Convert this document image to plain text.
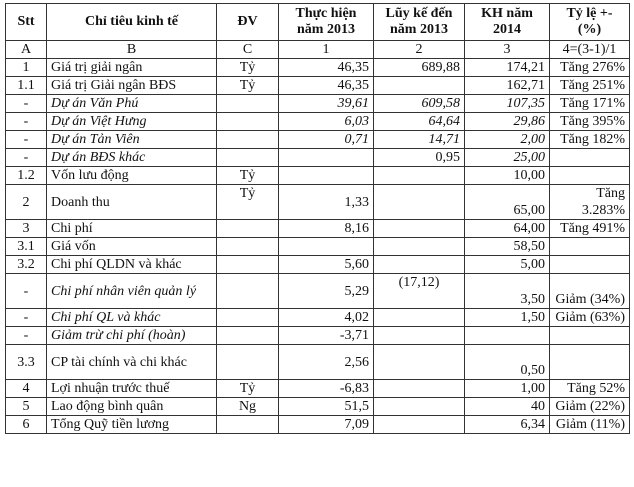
Stt	Chỉ tiêu kinh tế	ĐV	Thực hiện năm 2013	Lũy kế đến năm 2013	KH năm 2014	Tỷ lệ +- (%)
A	B	C	1	2	3	4=(3-1)/1
1	Giá trị giải ngân	Tỷ	46,35	689,88	174,21	Tăng 276%
1.1	Giá trị Giải ngân BĐS	Tỷ	46,35		162,71	Tăng 251%
-	Dự án Văn Phú		39,61	609,58	107,35	Tăng 171%
-	Dự án Việt Hưng		6,03	64,64	29,86	Tăng 395%
-	Dự án Tản Viên		0,71	14,71	2,00	Tăng 182%
-	Dự án BĐS khác			0,95	25,00	
1.2	Vốn lưu động	Tỷ			10,00	
2	Doanh thu	Tỷ	1,33		65,00	Tăng 3.283%
3	Chi phí		8,16		64,00	Tăng 491%
3.1	Giá vốn				58,50	
3.2	Chi phí QLDN và khác		5,60		5,00	
-	Chi phí nhân viên quản lý		5,29	(17,12)	3,50	Giảm (34%)
-	Chi phí QL và khác		4,02		1,50	Giảm (63%)
-	Giảm trừ chi phí (hoàn)		-3,71			
3.3	CP tài chính và chi khác		2,56		0,50	
4	Lợi nhuận trước thuế	Tỷ	-6,83		1,00	Tăng 52%
5	Lao động bình quân	Ng	51,5		40	Giảm (22%)
6	Tổng Quỹ tiền lương		7,09		6,34	Giảm (11%)
